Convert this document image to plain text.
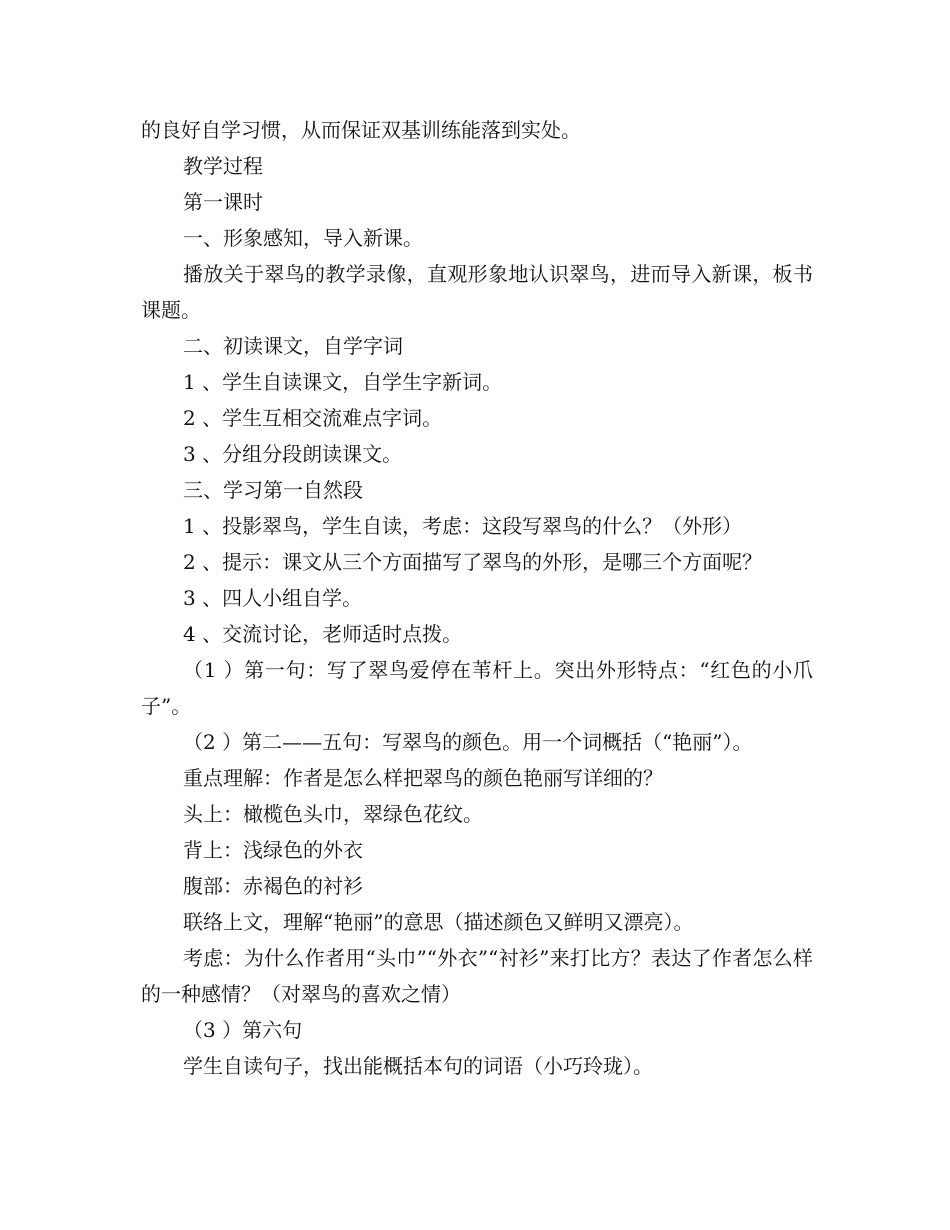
的良好自学习惯，从而保证双基训练能落到实处。

教学过程

第一课时

一、形象感知，导入新课。

播放关于翠鸟的教学录像，直观形象地认识翠鸟，进而导入新课，板书课题。

二、初读课文，自学字词

1 、学生自读课文，自学生字新词。

2 、学生互相交流难点字词。

3 、分组分段朗读课文。

三、学习第一自然段

1 、投影翠鸟，学生自读，考虑：这段写翠鸟的什么？（外形）

2 、提示：课文从三个方面描写了翠鸟的外形，是哪三个方面呢？

3 、四人小组自学。

4 、交流讨论，老师适时点拨。

（1 ）第一句：写了翠鸟爱停在苇杆上。突出外形特点：“红色的小爪子”。

（2 ）第二——五句：写翠鸟的颜色。用一个词概括（“艳丽”）。

重点理解：作者是怎么样把翠鸟的颜色艳丽写详细的？

头上：橄榄色头巾，翠绿色花纹。

背上：浅绿色的外衣

腹部：赤褐色的衬衫

联络上文，理解“艳丽”的意思（描述颜色又鲜明又漂亮）。

考虑：为什么作者用“头巾”“外衣”“衬衫”来打比方？表达了作者怎么样的一种感情？（对翠鸟的喜欢之情）

（3 ）第六句

学生自读句子，找出能概括本句的词语（小巧玲珑）。
